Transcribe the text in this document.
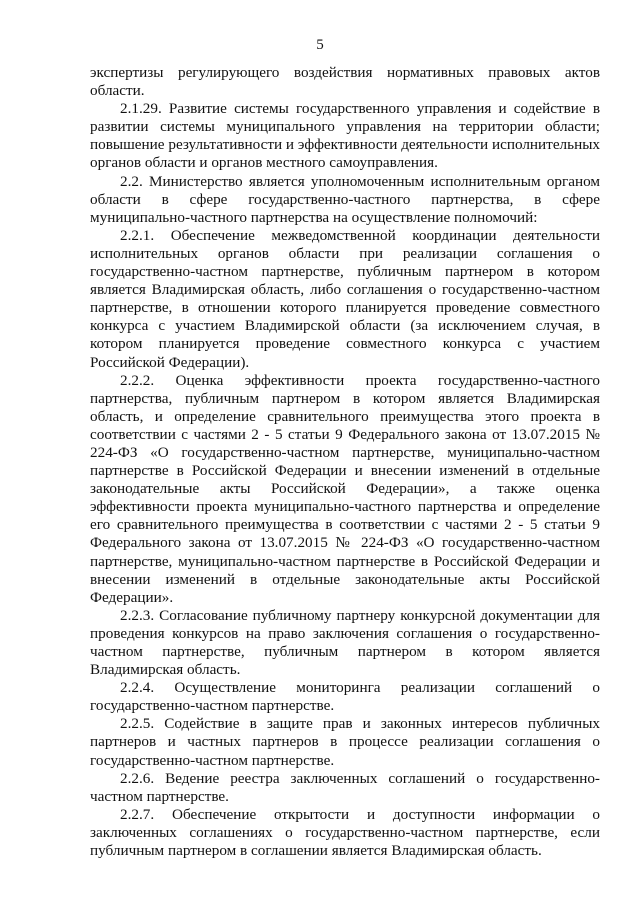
5

экспертизы регулирующего воздействия нормативных правовых актов области.

2.1.29. Развитие системы государственного управления и содействие в развитии системы муниципального управления на территории области; повышение результативности и эффективности деятельности исполнительных органов области и органов местного самоуправления.

2.2. Министерство является уполномоченным исполнительным органом области в сфере государственно-частного партнерства, в сфере муниципально-частного партнерства на осуществление полномочий:

2.2.1. Обеспечение межведомственной координации деятельности исполнительных органов области при реализации соглашения о государственно-частном партнерстве, публичным партнером в котором является Владимирская область, либо соглашения о государственно-частном партнерстве, в отношении которого планируется проведение совместного конкурса с участием Владимирской области (за исключением случая, в котором планируется проведение совместного конкурса с участием Российской Федерации).

2.2.2. Оценка эффективности проекта государственно-частного партнерства, публичным партнером в котором является Владимирская область, и определение сравнительного преимущества этого проекта в соответствии с частями 2 - 5 статьи 9 Федерального закона от 13.07.2015 № 224-ФЗ «О государственно-частном партнерстве, муниципально-частном партнерстве в Российской Федерации и внесении изменений в отдельные законодательные акты Российской Федерации», а также оценка эффективности проекта муниципально-частного партнерства и определение его сравнительного преимущества в соответствии с частями 2 - 5 статьи 9 Федерального закона от 13.07.2015 № 224-ФЗ «О государственно-частном партнерстве, муниципально-частном партнерстве в Российской Федерации и внесении изменений в отдельные законодательные акты Российской Федерации».

2.2.3. Согласование публичному партнеру конкурсной документации для проведения конкурсов на право заключения соглашения о государственно-частном партнерстве, публичным партнером в котором является Владимирская область.

2.2.4. Осуществление мониторинга реализации соглашений о государственно-частном партнерстве.

2.2.5. Содействие в защите прав и законных интересов публичных партнеров и частных партнеров в процессе реализации соглашения о государственно-частном партнерстве.

2.2.6. Ведение реестра заключенных соглашений о государственно-частном партнерстве.

2.2.7. Обеспечение открытости и доступности информации о заключенных соглашениях о государственно-частном партнерстве, если публичным партнером в соглашении является Владимирская область.
